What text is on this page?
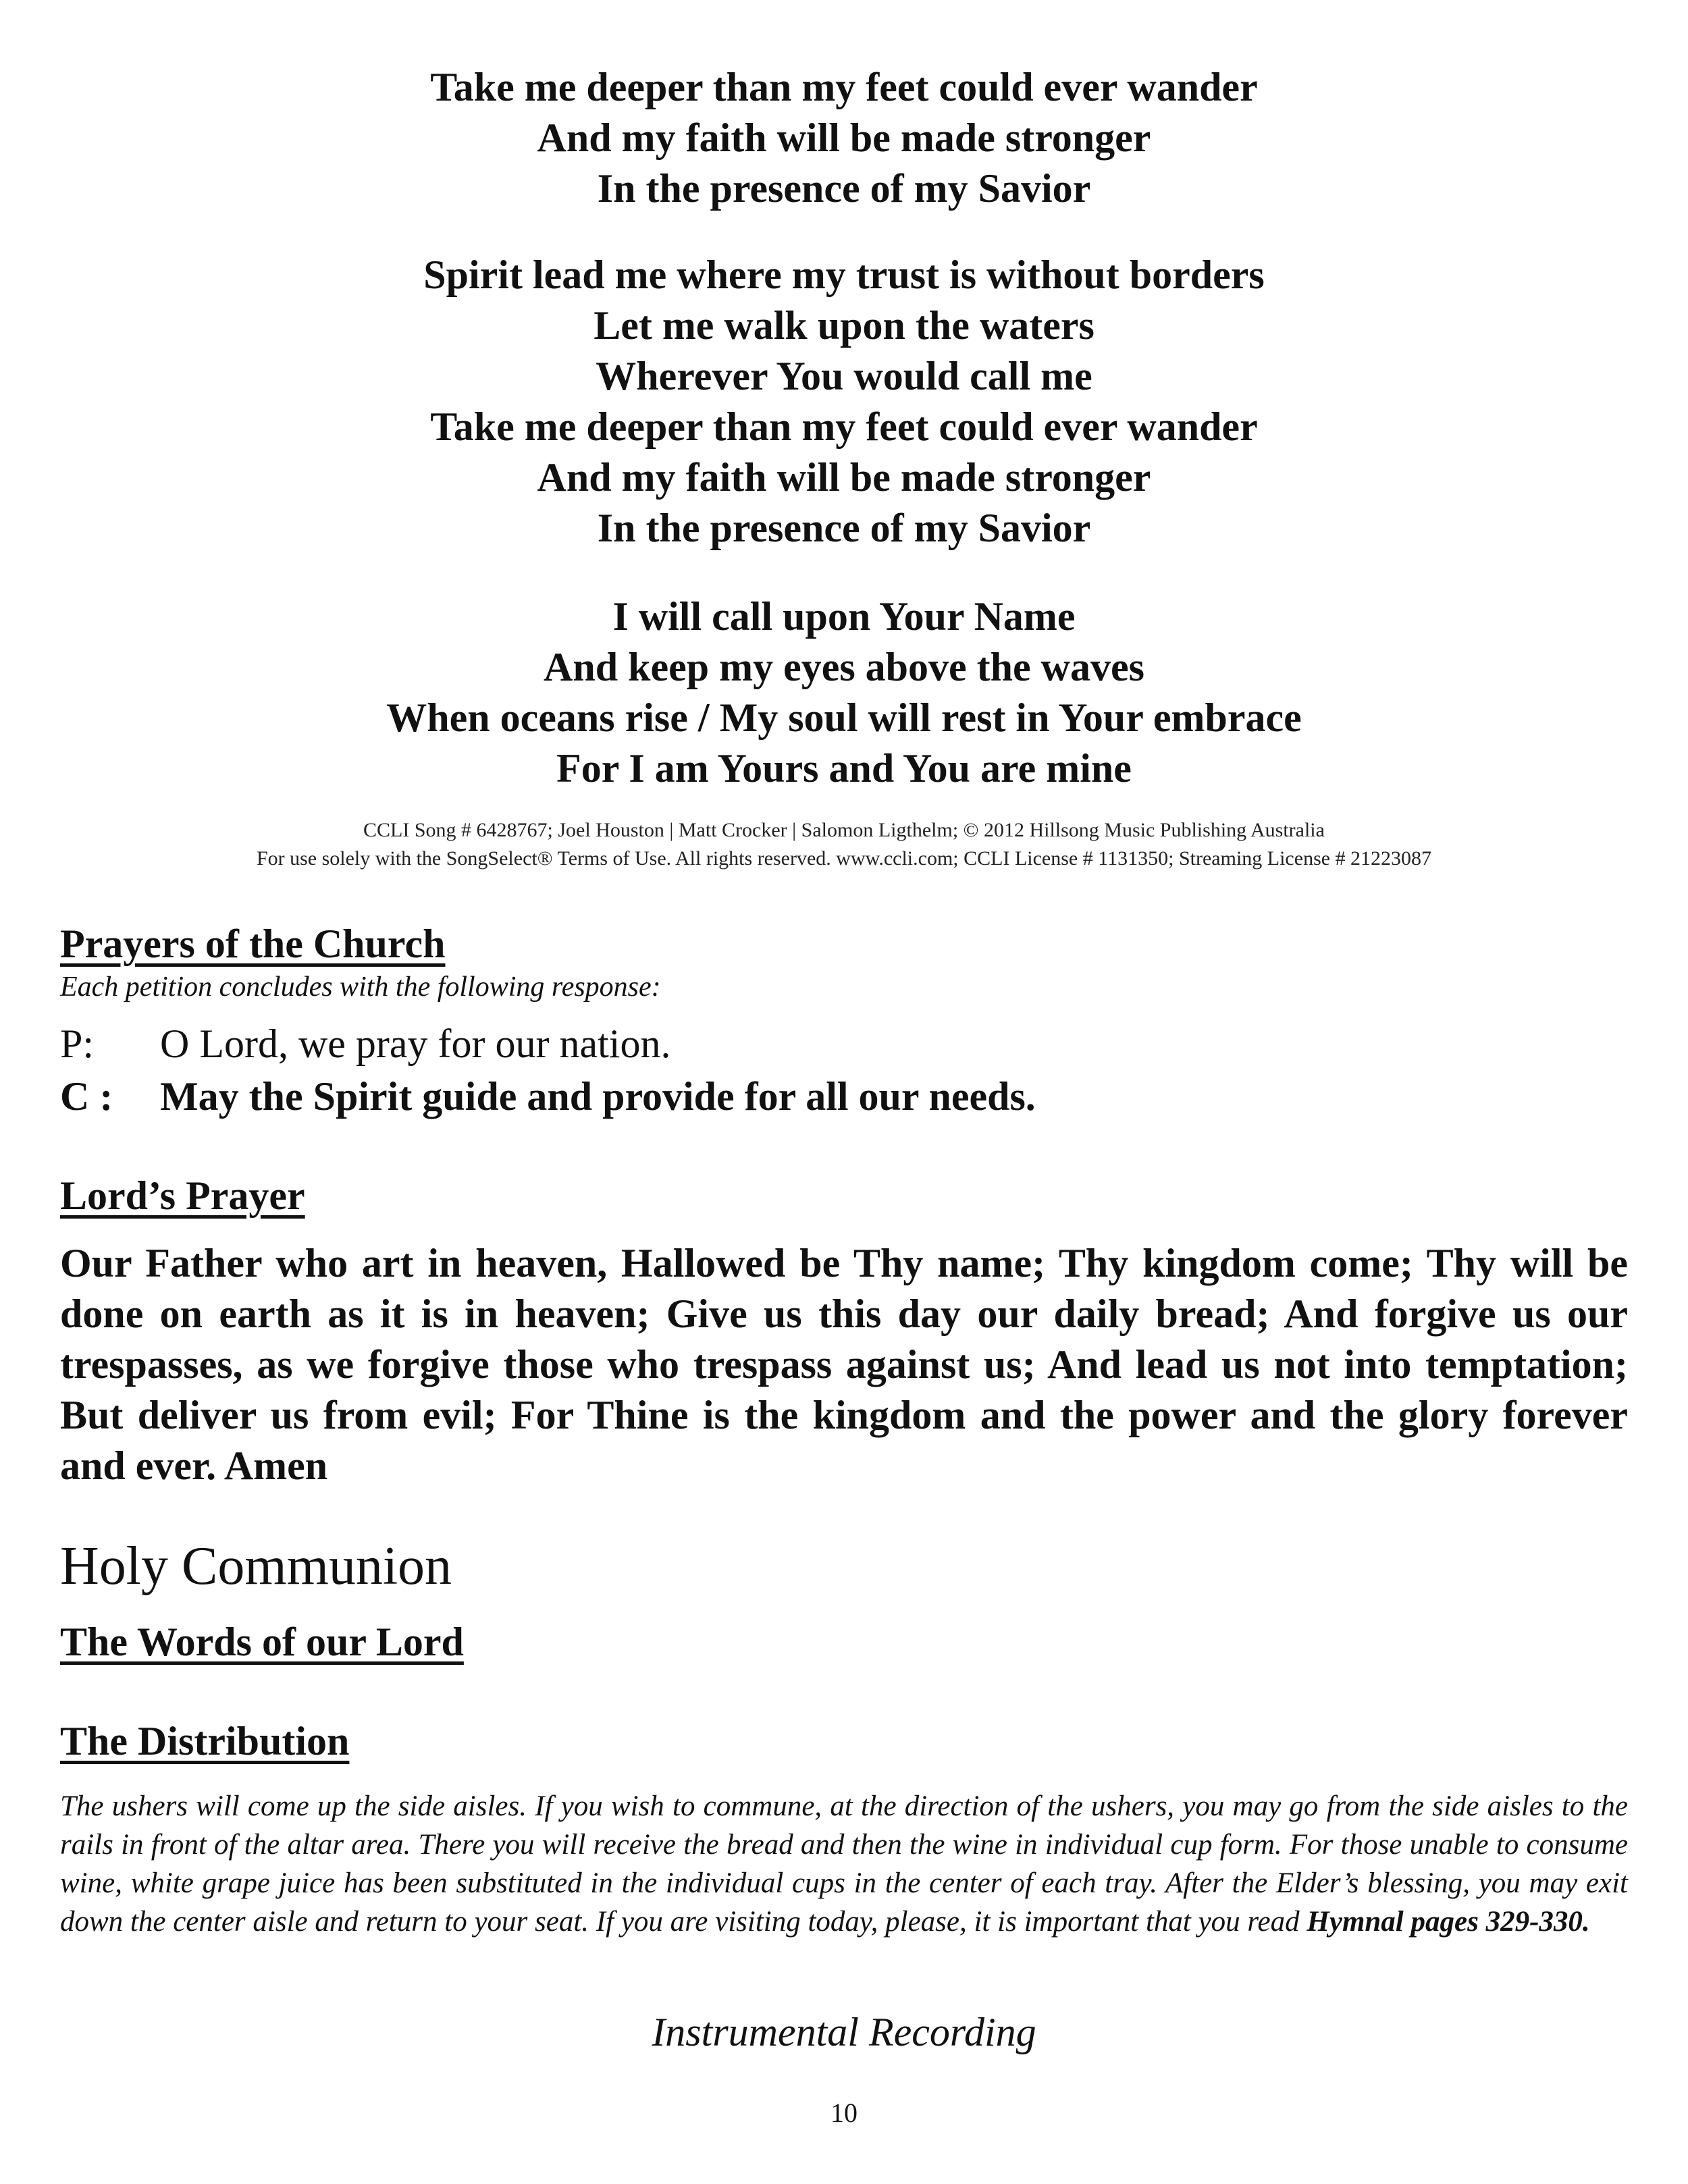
Take me deeper than my feet could ever wander
And my faith will be made stronger
In the presence of my Savior
Spirit lead me where my trust is without borders
Let me walk upon the waters
Wherever You would call me
Take me deeper than my feet could ever wander
And my faith will be made stronger
In the presence of my Savior
I will call upon Your Name
And keep my eyes above the waves
When oceans rise / My soul will rest in Your embrace
For I am Yours and You are mine
CCLI Song # 6428767; Joel Houston | Matt Crocker | Salomon Ligthelm; © 2012 Hillsong Music Publishing Australia
For use solely with the SongSelect® Terms of Use. All rights reserved. www.ccli.com; CCLI License # 1131350; Streaming License # 21223087
Prayers of the Church
Each petition concludes with the following response:
P: O Lord, we pray for our nation.
C : May the Spirit guide and provide for all our needs.
Lord’s Prayer
Our Father who art in heaven, Hallowed be Thy name; Thy kingdom come; Thy will be done on earth as it is in heaven; Give us this day our daily bread; And forgive us our trespasses, as we forgive those who trespass against us; And lead us not into temptation; But deliver us from evil; For Thine is the kingdom and the power and the glory forever and ever. Amen
Holy Communion
The Words of our Lord
The Distribution
The ushers will come up the side aisles. If you wish to commune, at the direction of the ushers, you may go from the side aisles to the rails in front of the altar area. There you will receive the bread and then the wine in individual cup form. For those unable to consume wine, white grape juice has been substituted in the individual cups in the center of each tray. After the Elder’s blessing, you may exit down the center aisle and return to your seat. If you are visiting today, please, it is important that you read Hymnal pages 329-330.
Instrumental Recording
10
